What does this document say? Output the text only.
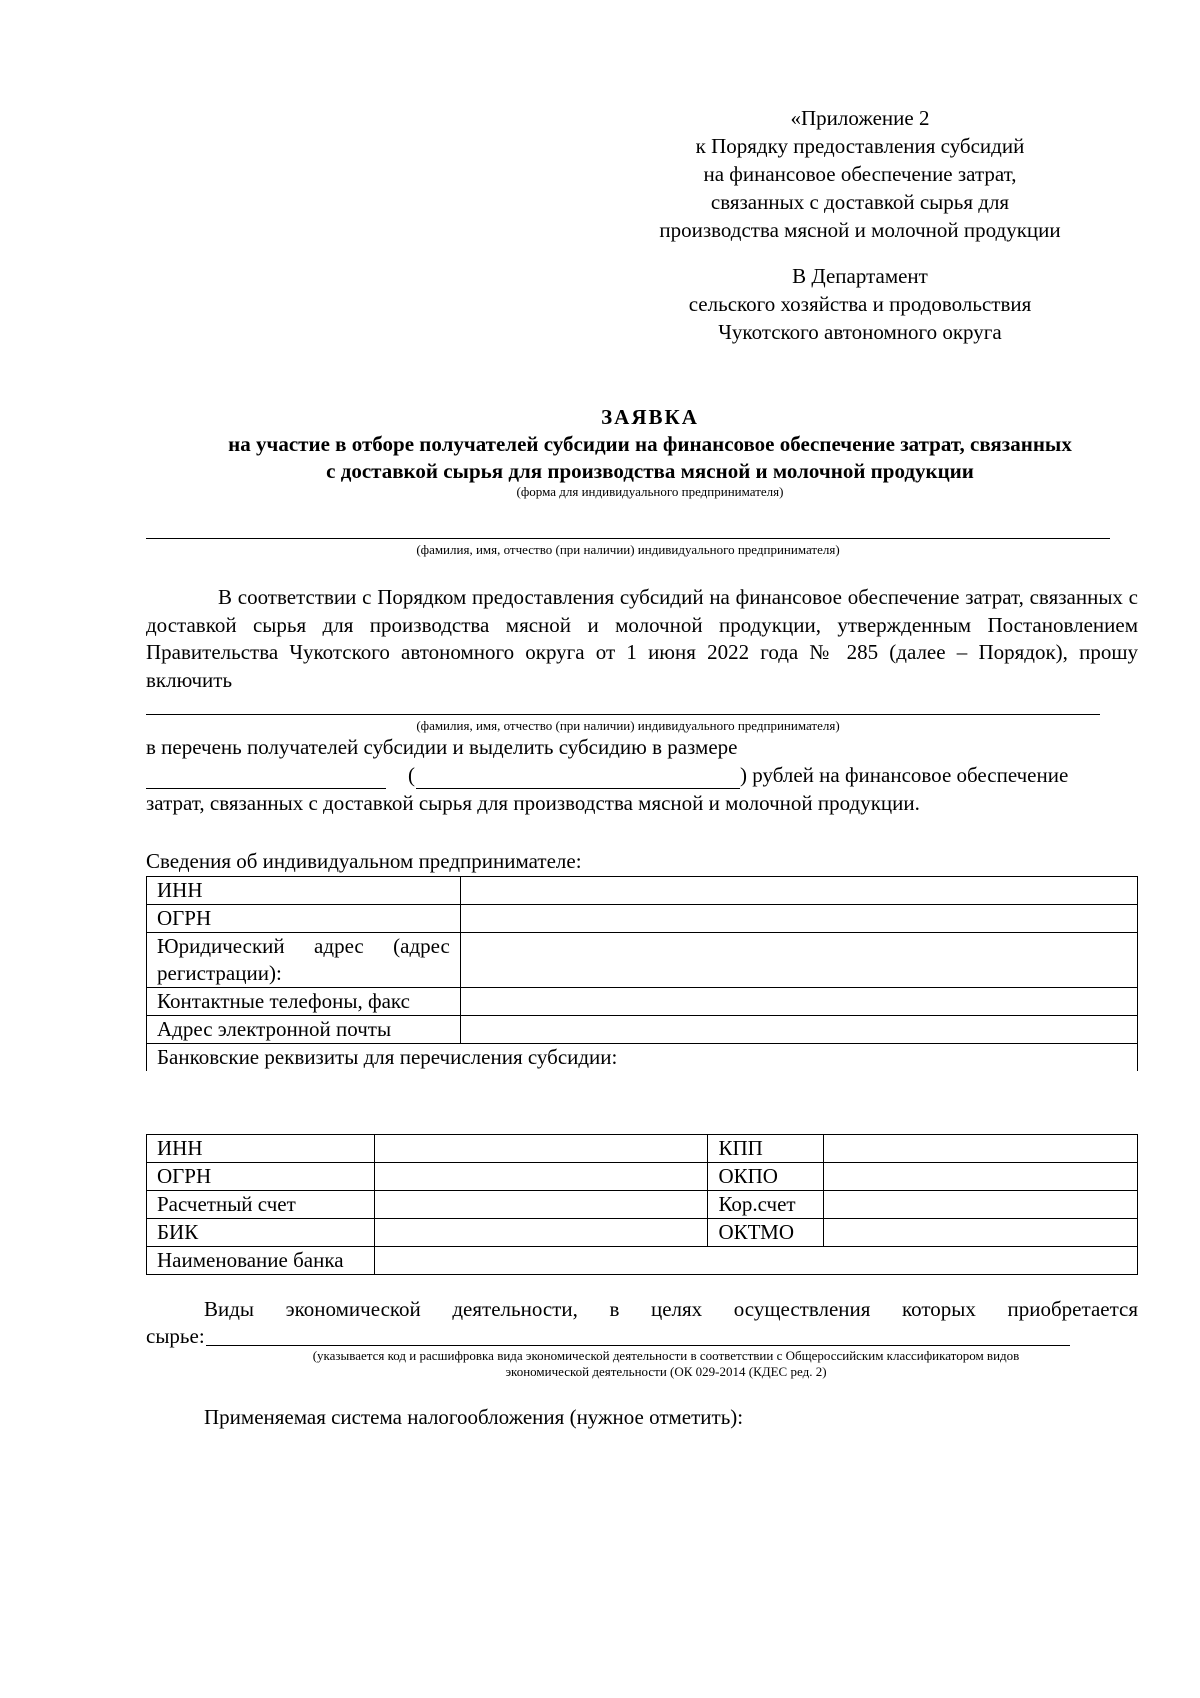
«Приложение 2
к Порядку предоставления субсидий
на финансовое обеспечение затрат,
связанных с доставкой сырья для
производства мясной и молочной продукции
В Департамент
сельского хозяйства и продовольствия
Чукотского автономного округа
ЗАЯВКА
на участие в отборе получателей субсидии на финансовое обеспечение затрат, связанных
с доставкой сырья для производства мясной и молочной продукции
(форма для индивидуального предпринимателя)
(фамилия, имя, отчество (при наличии) индивидуального предпринимателя)
В соответствии с Порядком предоставления субсидий на финансовое обеспечение затрат, связанных с доставкой сырья для производства мясной и молочной продукции, утвержденным Постановлением Правительства Чукотского автономного округа от 1 июня 2022 года № 285 (далее – Порядок), прошу включить
(фамилия, имя, отчество (при наличии) индивидуального предпринимателя)
в перечень получателей субсидии и выделить субсидию в размере
(	) рублей на финансовое обеспечение
затрат, связанных с доставкой сырья для производства мясной и молочной продукции.
Сведения об индивидуальном предпринимателе:
ИНН	
ОГРН	
Юридический адрес (адрес регистрации):	
Контактные телефоны, факс	
Адрес электронной почты	
Банковские реквизиты для перечисления субсидии:	
ИНН		КПП	
ОГРН		ОКПО	
Расчетный счет		Кор.счет	
БИК		ОКТМО	
Наименование банка			
Виды экономической деятельности, в целях осуществления которых приобретается
сырье:
(указывается код и расшифровка вида экономической деятельности в соответствии с Общероссийским классификатором видов
экономической деятельности (ОК 029-2014 (КДЕС ред. 2)
Применяемая система налогообложения (нужное отметить):
